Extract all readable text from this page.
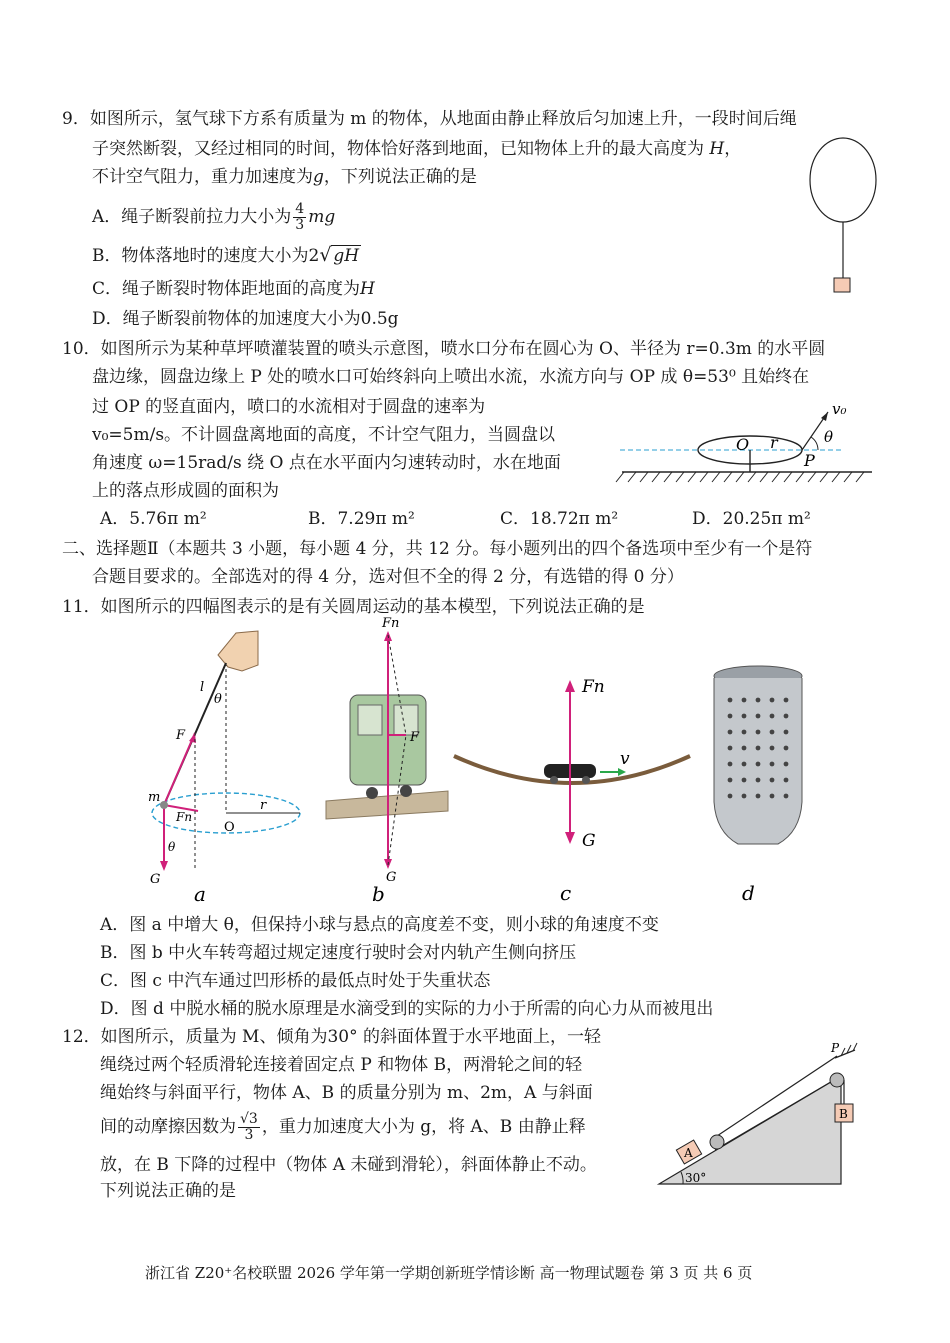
9．如图所示，氢气球下方系有质量为 m 的物体，从地面由静止释放后匀加速上升，一段时间后绳
子突然断裂，又经过相同的时间，物体恰好落到地面，已知物体上升的最大高度为 H，
不计空气阻力，重力加速度为g，下列说法正确的是
A．绳子断裂前拉力大小为 $\frac{4}{3}$ mg
B．物体落地时的速度大小为2√ gH
C．绳子断裂时物体距地面的高度为H
D．绳子断裂前物体的加速度大小为0.5g
10．如图所示为某种草坪喷灌装置的喷头示意图，喷水口分布在圆心为 O、半径为 r=0.3m 的水平圆
盘边缘，圆盘边缘上 P 处的喷水口可始终斜向上喷出水流，水流方向与 OP 成 θ=53⁰ 且始终在
过 OP 的竖直面内，喷口的水流相对于圆盘的速率为
v₀=5m/s。不计圆盘离地面的高度，不计空气阻力，当圆盘以
角速度 ω=15rad/s 绕 O 点在水平面内匀速转动时，水在地面
上的落点形成圆的面积为
A．5.76π m²	B．7.29π m²	C．18.72π m²	D．20.25π m²
O r
P
v₀
θ
二、选择题Ⅱ（本题共 3 小题，每小题 4 分，共 12 分。每小题列出的四个备选项中至少有一个是符
合题目要求的。全部选对的得 4 分，选对但不全的得 2 分，有选错的得 0 分）
11．如图所示的四幅图表示的是有关圆周运动的基本模型，下列说法正确的是
l
θ
F
m
Fn
O
r
θ
G
a
Fn
F
G
b
Fn
v
G
c	d
A．图 a 中增大 θ，但保持小球与悬点的高度差不变，则小球的角速度不变
B．图 b 中火车转弯超过规定速度行驶时会对内轨产生侧向挤压
C．图 c 中汽车通过凹形桥的最低点时处于失重状态
D．图 d 中脱水桶的脱水原理是水滴受到的实际的力小于所需的向心力从而被甩出
12．如图所示，质量为 M、倾角为30° 的斜面体置于水平地面上，一轻
绳绕过两个轻质滑轮连接着固定点 P 和物体 B，两滑轮之间的轻
绳始终与斜面平行，物体 A、B 的质量分别为 m、2m，A 与斜面
间的动摩擦因数为 $\frac{√3}{3}$ ，重力加速度大小为 g，将 A、B 由静止释
放，在 B 下降的过程中（物体 A 未碰到滑轮），斜面体静止不动。
下列说法正确的是
P
A
B
30°
浙江省 Z20⁺名校联盟 2026 学年第一学期创新班学情诊断 高一物理试题卷 第 3 页 共 6 页
